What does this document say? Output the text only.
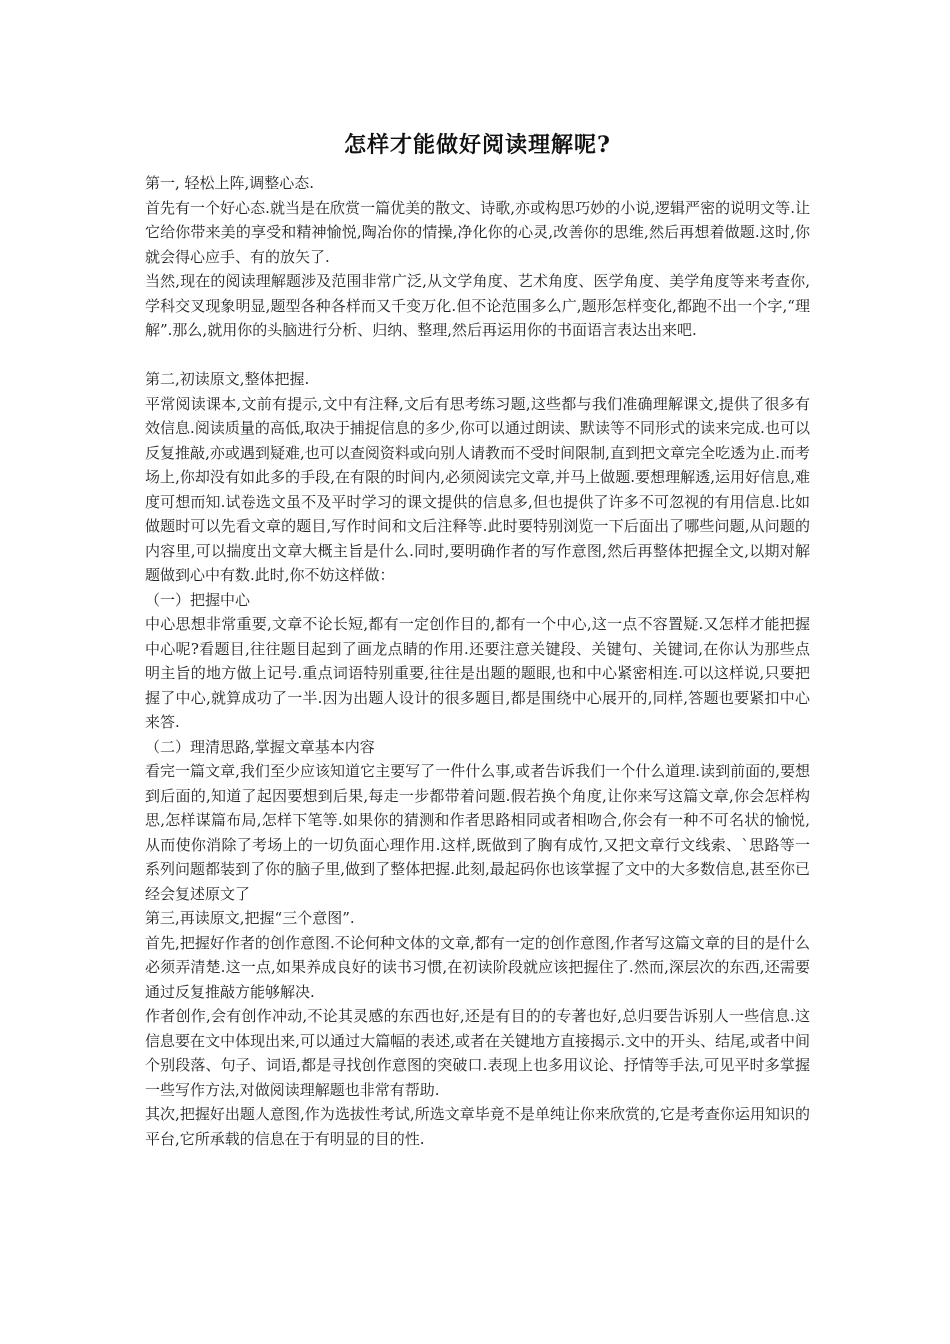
怎样才能做好阅读理解呢?

第一, 轻松上阵,调整心态.

首先有一个好心态.就当是在欣赏一篇优美的散文、诗歌,亦或构思巧妙的小说,逻辑严密的说明文等.让它给你带来美的享受和精神愉悦,陶冶你的情操,净化你的心灵,改善你的思维,然后再想着做题.这时,你就会得心应手、有的放矢了.

当然,现在的阅读理解题涉及范围非常广泛,从文学角度、艺术角度、医学角度、美学角度等来考查你,学科交叉现象明显,题型各种各样而又千变万化.但不论范围多么广,题形怎样变化,都跑不出一个字,“理解”.那么,就用你的头脑进行分析、归纳、整理,然后再运用你的书面语言表达出来吧.

第二,初读原文,整体把握.

平常阅读课本,文前有提示,文中有注释,文后有思考练习题,这些都与我们准确理解课文,提供了很多有效信息.阅读质量的高低,取决于捕捉信息的多少,你可以通过朗读、默读等不同形式的读来完成.也可以反复推敲,亦或遇到疑难,也可以查阅资料或向别人请教而不受时间限制,直到把文章完全吃透为止.而考场上,你却没有如此多的手段,在有限的时间内,必须阅读完文章,并马上做题.要想理解透,运用好信息,难度可想而知.试卷选文虽不及平时学习的课文提供的信息多,但也提供了许多不可忽视的有用信息.比如做题时可以先看文章的题目,写作时间和文后注释等.此时要特别浏览一下后面出了哪些问题,从问题的内容里,可以揣度出文章大概主旨是什么.同时,要明确作者的写作意图,然后再整体把握全文,以期对解题做到心中有数.此时,你不妨这样做：

（一）把握中心

中心思想非常重要,文章不论长短,都有一定创作目的,都有一个中心,这一点不容置疑.又怎样才能把握中心呢?看题目,往往题目起到了画龙点睛的作用.还要注意关键段、关键句、关键词,在你认为那些点明主旨的地方做上记号.重点词语特别重要,往往是出题的题眼,也和中心紧密相连.可以这样说,只要把握了中心,就算成功了一半.因为出题人设计的很多题目,都是围绕中心展开的,同样,答题也要紧扣中心来答.

（二）理清思路,掌握文章基本内容

看完一篇文章,我们至少应该知道它主要写了一件什么事,或者告诉我们一个什么道理.读到前面的,要想到后面的,知道了起因要想到后果,每走一步都带着问题.假若换个角度,让你来写这篇文章,你会怎样构思,怎样谋篇布局,怎样下笔等.如果你的猜测和作者思路相同或者相吻合,你会有一种不可名状的愉悦,从而使你消除了考场上的一切负面心理作用.这样,既做到了胸有成竹,又把文章行文线索、`思路等一系列问题都装到了你的脑子里,做到了整体把握.此刻,最起码你也该掌握了文中的大多数信息,甚至你已经会复述原文了

第三,再读原文,把握“三个意图”.

首先,把握好作者的创作意图.不论何种文体的文章,都有一定的创作意图,作者写这篇文章的目的是什么必须弄清楚.这一点,如果养成良好的读书习惯,在初读阶段就应该把握住了.然而,深层次的东西,还需要通过反复推敲方能够解决.

作者创作,会有创作冲动,不论其灵感的东西也好,还是有目的的专著也好,总归要告诉别人一些信息.这信息要在文中体现出来,可以通过大篇幅的表述,或者在关键地方直接揭示.文中的开头、结尾,或者中间个别段落、句子、词语,都是寻找创作意图的突破口.表现上也多用议论、抒情等手法,可见平时多掌握一些写作方法,对做阅读理解题也非常有帮助.

其次,把握好出题人意图,作为选拔性考试,所选文章毕竟不是单纯让你来欣赏的,它是考查你运用知识的平台,它所承载的信息在于有明显的目的性.
